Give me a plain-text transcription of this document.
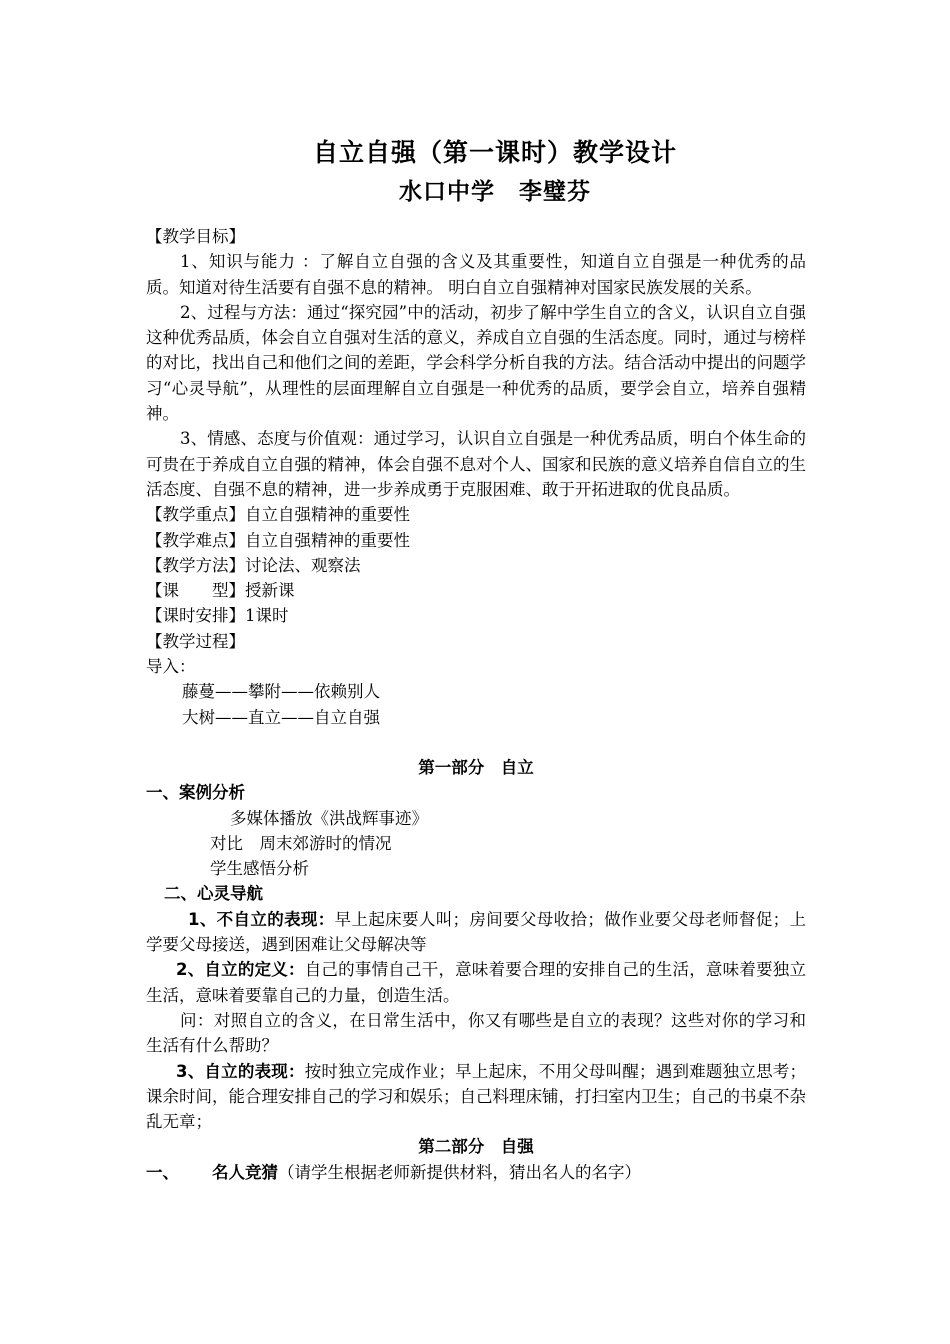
自立自强（第一课时）教学设计
水口中学　李璧芬

【教学目标】

1、知识与能力 ：了解自立自强的含义及其重要性，知道自立自强是一种优秀的品质。知道对待生活要有自强不息的精神。 明白自立自强精神对国家民族发展的关系。

2、过程与方法：通过“探究园”中的活动，初步了解中学生自立的含义，认识自立自强这种优秀品质，体会自立自强对生活的意义，养成自立自强的生活态度。同时，通过与榜样的对比，找出自己和他们之间的差距，学会科学分析自我的方法。结合活动中提出的问题学习“心灵导航”，从理性的层面理解自立自强是一种优秀的品质，要学会自立，培养自强精神。

3、情感、态度与价值观：通过学习，认识自立自强是一种优秀品质，明白个体生命的可贵在于养成自立自强的精神，体会自强不息对个人、国家和民族的意义培养自信自立的生活态度、自强不息的精神，进一步养成勇于克服困难、敢于开拓进取的优良品质。

【教学重点】自立自强精神的重要性

【教学难点】自立自强精神的重要性

【教学方法】讨论法、观察法

【课　　型】授新课

【课时安排】1课时

【教学过程】

导入：

藤蔓——攀附——依赖别人

大树——直立——自立自强

第一部分　自立

一、案例分析

多媒体播放《洪战辉事迹》

对比　周末郊游时的情况

学生感悟分析

二、心灵导航

1、不自立的表现：早上起床要人叫；房间要父母收拾；做作业要父母老师督促；上学要父母接送，遇到困难让父母解决等

2、自立的定义：自己的事情自己干，意味着要合理的安排自己的生活，意味着要独立生活，意味着要靠自己的力量，创造生活。

问：对照自立的含义，在日常生活中，你又有哪些是自立的表现？这些对你的学习和生活有什么帮助？

3、自立的表现：按时独立完成作业；早上起床，不用父母叫醒；遇到难题独立思考；课余时间，能合理安排自己的学习和娱乐；自己料理床铺，打扫室内卫生；自己的书桌不杂乱无章；

第二部分　自强

一、 名人竞猜（请学生根据老师新提供材料，猜出名人的名字）
